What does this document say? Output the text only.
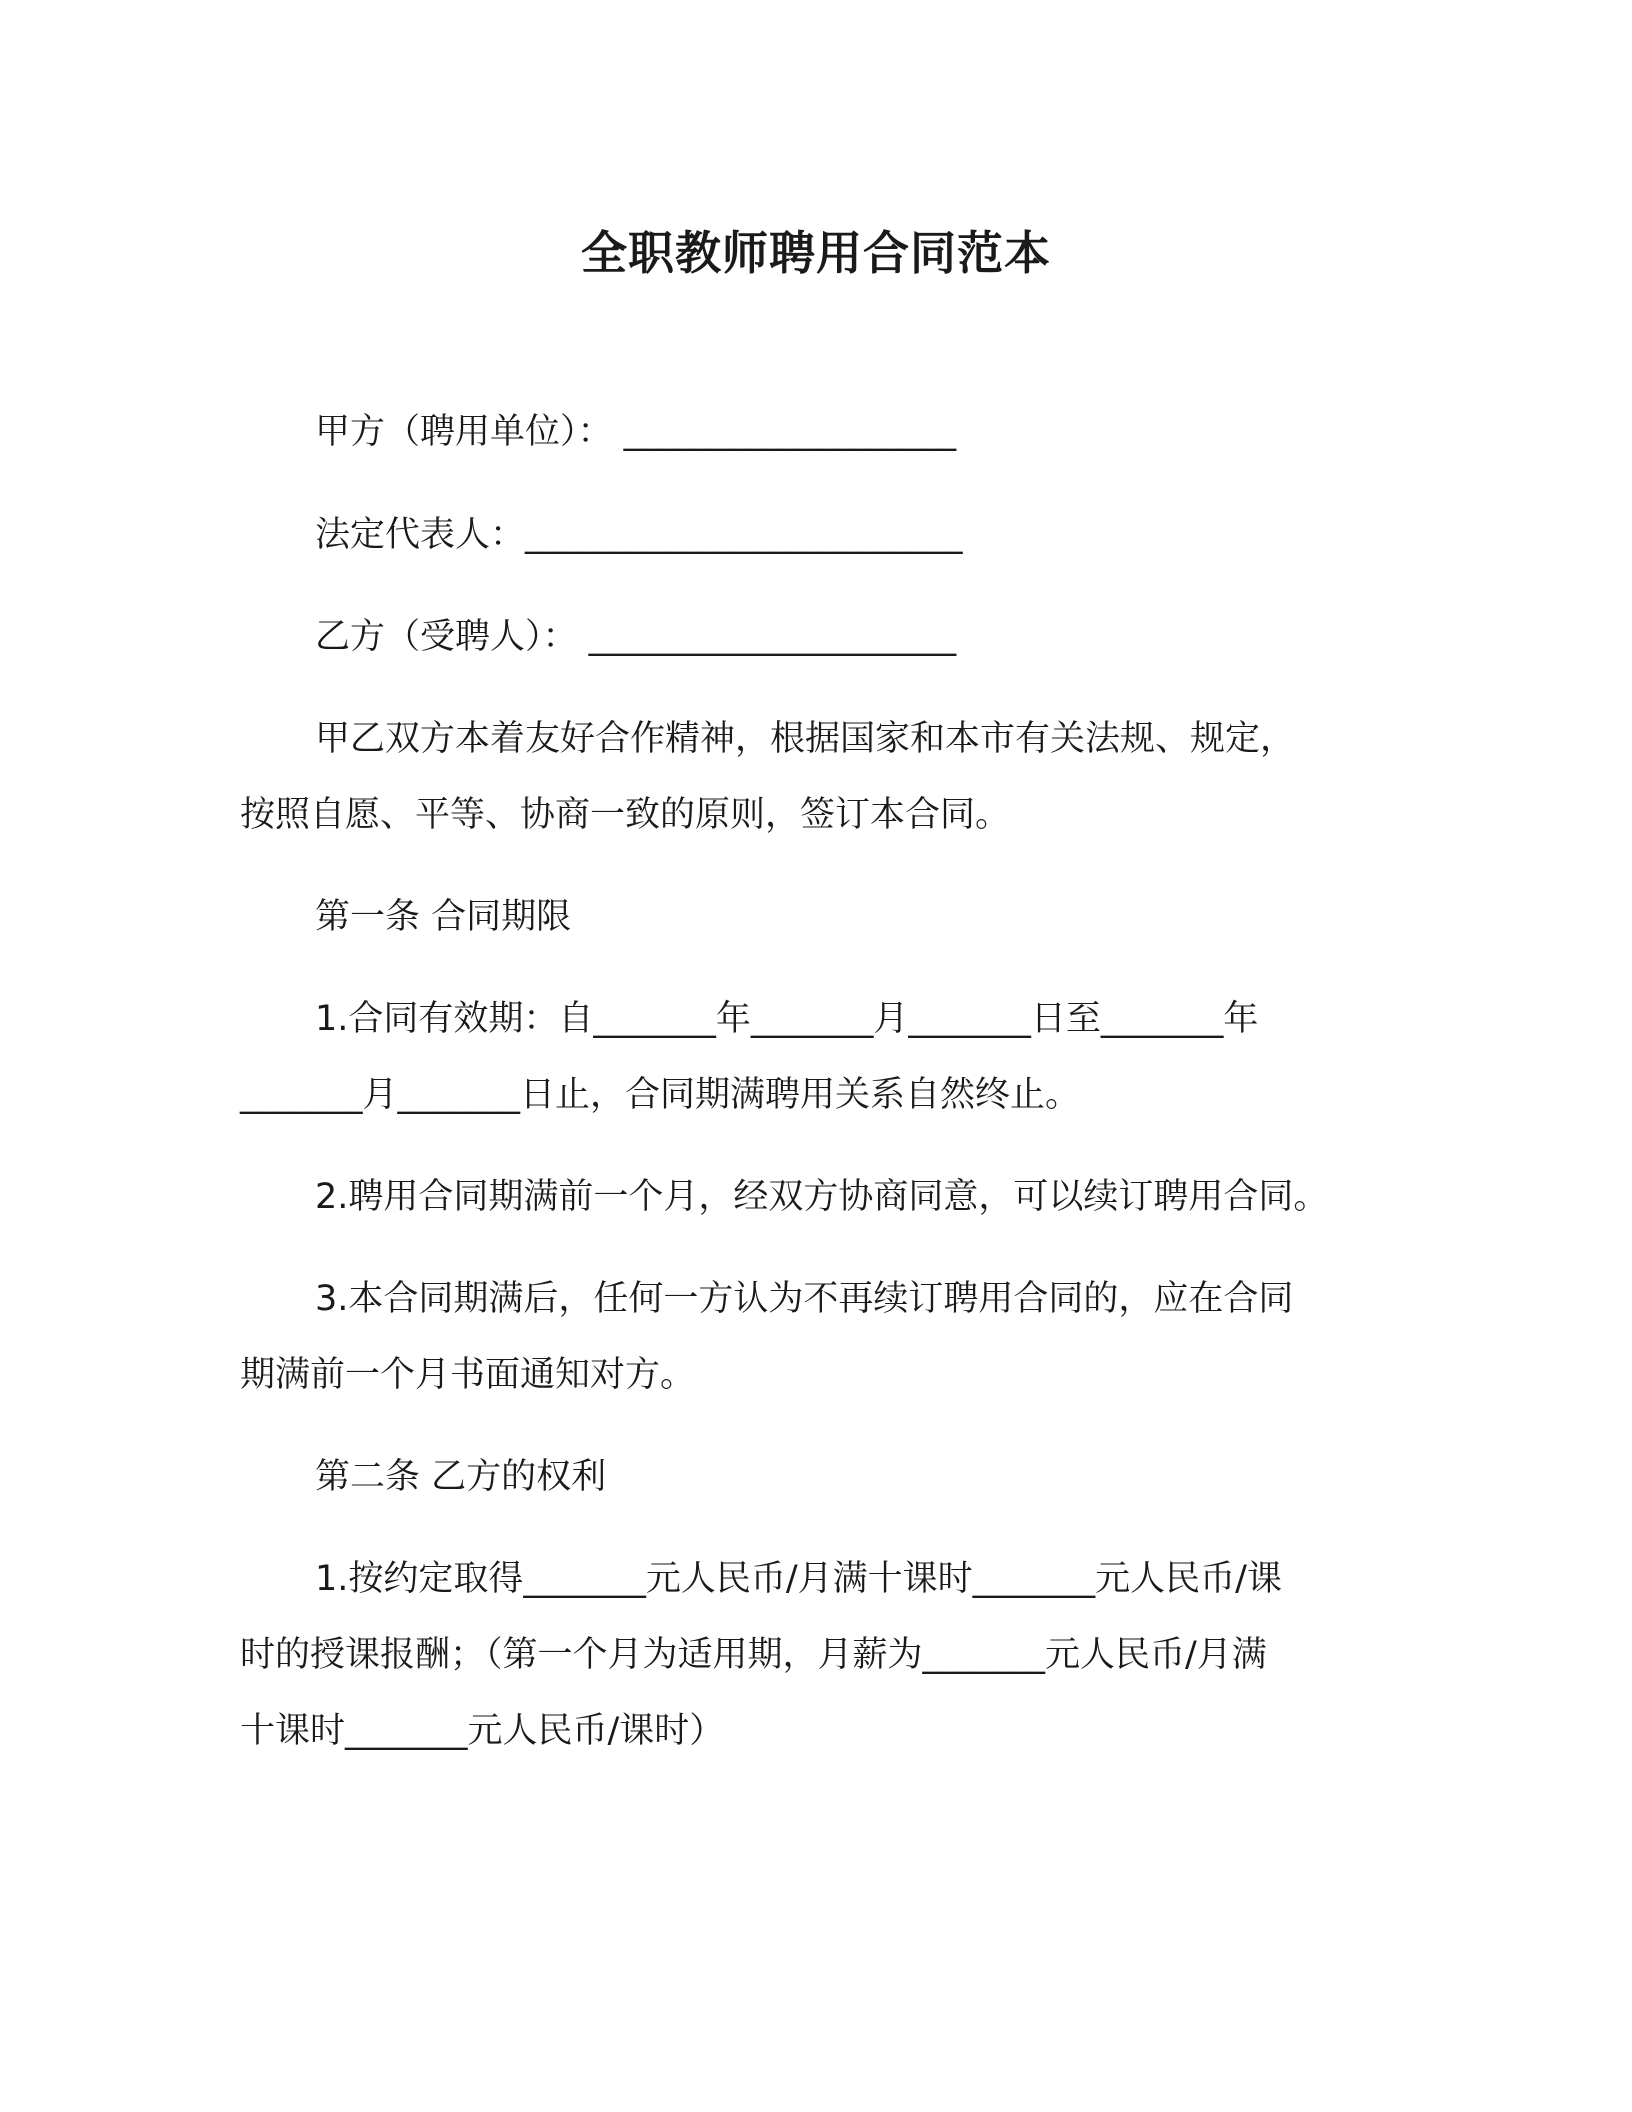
全职教师聘用合同范本
甲方（聘用单位）： ___________________
法定代表人：_________________________
乙方（受聘人）： _____________________
甲乙双方本着友好合作精神，根据国家和本市有关法规、规定，
按照自愿、平等、协商一致的原则，签订本合同。
第一条 合同期限
1.合同有效期：自_______年_______月_______日至_______年
_______月_______日止，合同期满聘用关系自然终止。
2.聘用合同期满前一个月，经双方协商同意，可以续订聘用合同。
3.本合同期满后，任何一方认为不再续订聘用合同的，应在合同
期满前一个月书面通知对方。
第二条 乙方的权利
1.按约定取得_______元人民币/月满十课时_______元人民币/课
时的授课报酬；（第一个月为适用期，月薪为_______元人民币/月满
十课时_______元人民币/课时）
